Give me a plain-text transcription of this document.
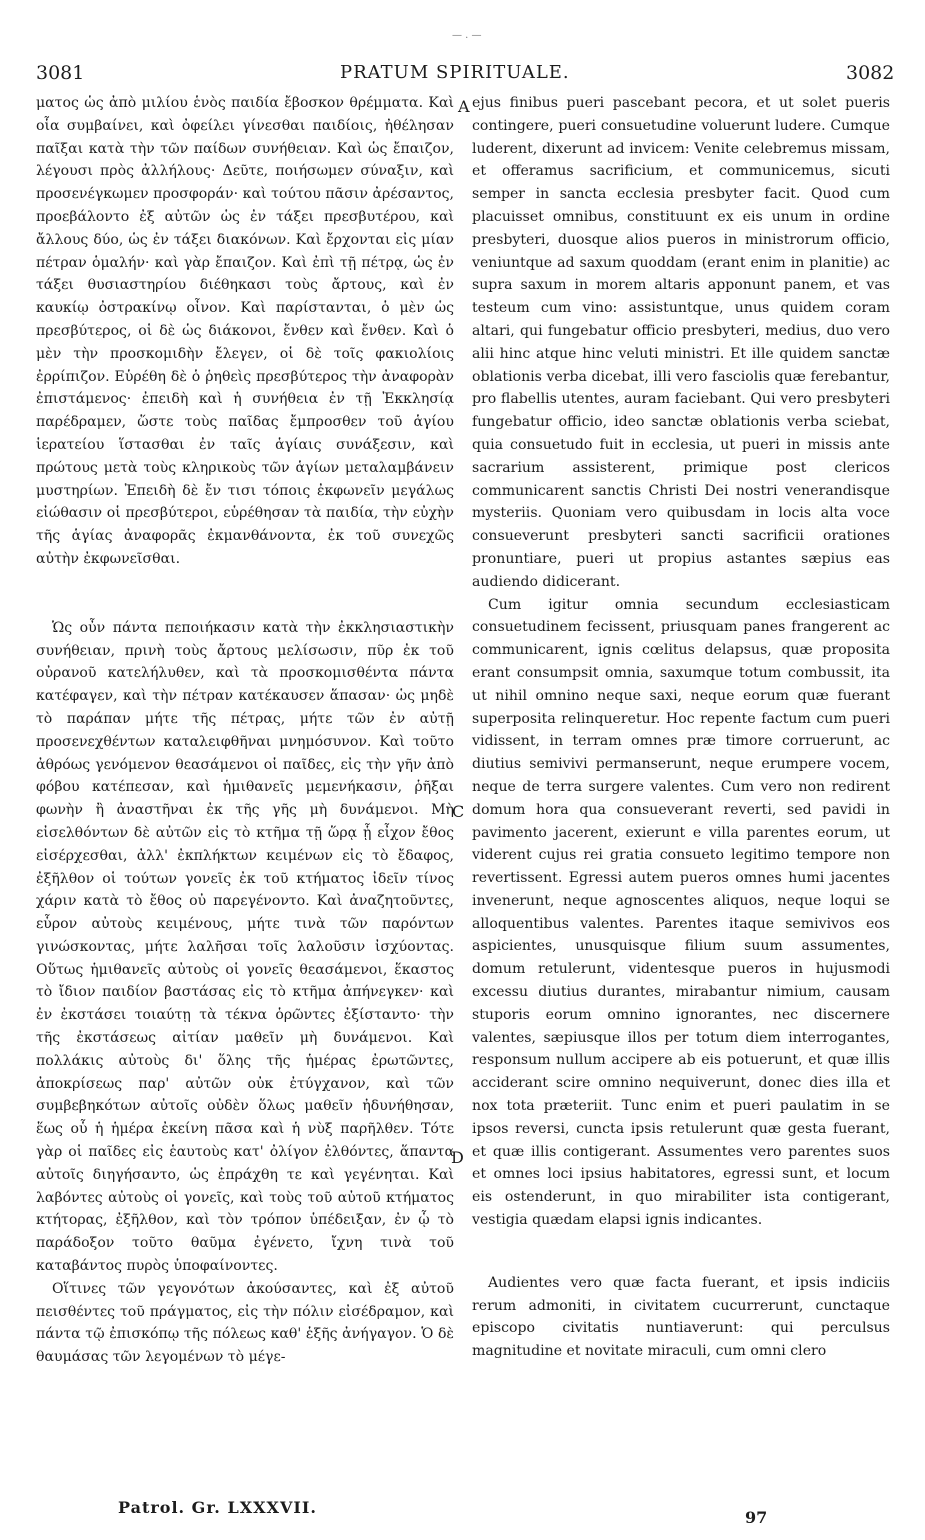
— . —
3081	PRATUM SPIRITUALE.	3082

ματος ὡς ἀπὸ μιλίου ἑνὸς παιδία ἔβοσκον θρέμματα. Καὶ οἷα συμβαίνει, καὶ ὀφείλει γίνεσθαι παιδίοις, ἠθέλησαν παῖξαι κατὰ τὴν τῶν παίδων συνήθειαν. Καὶ ὡς ἔπαιζον, λέγουσι πρὸς ἀλλήλους· Δεῦτε, ποιήσωμεν σύναξιν, καὶ προσενέγκωμεν προσφοράν· καὶ τούτου πᾶσιν ἀρέσαντος, προεβάλοντο ἐξ αὐτῶν ὡς ἐν τάξει πρεσβυτέρου, καὶ ἄλλους δύο, ὡς ἐν τάξει διακόνων. Καὶ ἔρχονται εἰς μίαν πέτραν ὁμαλήν· καὶ γὰρ ἔπαιζον. Καὶ ἐπὶ τῇ πέτρᾳ, ὡς ἐν τάξει θυσιαστηρίου διέθηκασι τοὺς ἄρτους, καὶ ἐν καυκίῳ ὀστρακίνῳ οἶνον. Καὶ παρίστανται, ὁ μὲν ὡς πρεσβύτερος, οἱ δὲ ὡς διάκονοι, ἔνθεν καὶ ἔνθεν. Καὶ ὁ μὲν τὴν προσκομιδὴν ἔλεγεν, οἱ δὲ τοῖς φακιολίοις ἐρρίπιζον. Εὑρέθη δὲ ὁ ῥηθεὶς πρεσβύτερος τὴν ἀναφορὰν ἐπιστάμενος· ἐπειδὴ καὶ ἡ συνήθεια ἐν τῇ Ἐκκλησίᾳ παρέδραμεν, ὥστε τοὺς παῖδας ἔμπροσθεν τοῦ ἁγίου ἱερατείου ἵστασθαι ἐν ταῖς ἁγίαις συνάξεσιν, καὶ πρώτους μετὰ τοὺς κληρικοὺς τῶν ἁγίων μεταλαμβάνειν μυστηρίων. Ἐπειδὴ δὲ ἔν τισι τόποις ἐκφωνεῖν μεγάλως εἰώθασιν οἱ πρεσβύτεροι, εὑρέθησαν τὰ παιδία, τὴν εὐχὴν τῆς ἁγίας ἀναφορᾶς ἐκμανθάνοντα, ἐκ τοῦ συνεχῶς αὐτὴν ἐκφωνεῖσθαι.

Ὡς οὖν πάντα πεποιήκασιν κατὰ τὴν ἐκκλησιαστικὴν συνήθειαν, πρινὴ τοὺς ἄρτους μελίσωσιν, πῦρ ἐκ τοῦ οὐρανοῦ κατελήλυθεν, καὶ τὰ προσκομισθέντα πάντα κατέφαγεν, καὶ τὴν πέτραν κατέκαυσεν ἅπασαν· ὡς μηδὲ τὸ παράπαν μήτε τῆς πέτρας, μήτε τῶν ἐν αὐτῇ προσενεχθέντων καταλειφθῆναι μνημόσυνον. Καὶ τοῦτο ἀθρόως γενόμενον θεασάμενοι οἱ παῖδες, εἰς τὴν γῆν ἀπὸ φόβου κατέπεσαν, καὶ ἡμιθανεῖς μεμενήκασιν, ῥῆξαι φωνὴν ἢ ἀναστῆναι ἐκ τῆς γῆς μὴ δυνάμενοι. Μὴ εἰσελθόντων δὲ αὐτῶν εἰς τὸ κτῆμα τῇ ὥρᾳ ᾗ εἶχον ἔθος εἰσέρχεσθαι, ἀλλ' ἐκπλήκτων κειμένων εἰς τὸ ἔδαφος, ἐξῆλθον οἱ τούτων γονεῖς ἐκ τοῦ κτήματος ἰδεῖν τίνος χάριν κατὰ τὸ ἔθος οὐ παρεγένοντο. Καὶ ἀναζητοῦντες, εὗρον αὐτοὺς κειμένους, μήτε τινὰ τῶν παρόντων γινώσκοντας, μήτε λαλῆσαι τοῖς λαλοῦσιν ἰσχύοντας. Οὕτως ἡμιθανεῖς αὐτοὺς οἱ γονεῖς θεασάμενοι, ἕκαστος τὸ ἴδιον παιδίον βαστάσας εἰς τὸ κτῆμα ἀπήνεγκεν· καὶ ἐν ἐκστάσει τοιαύτῃ τὰ τέκνα ὁρῶντες ἐξίσταντο· τὴν τῆς ἐκστάσεως αἰτίαν μαθεῖν μὴ δυνάμενοι. Καὶ πολλάκις αὐτοὺς δι' ὅλης τῆς ἡμέρας ἐρωτῶντες, ἀποκρίσεως παρ' αὐτῶν οὐκ ἐτύγχανον, καὶ τῶν συμβεβηκότων αὐτοῖς οὐδὲν ὅλως μαθεῖν ἠδυνήθησαν, ἕως οὗ ἡ ἡμέρα ἐκείνη πᾶσα καὶ ἡ νὺξ παρῆλθεν. Τότε γὰρ οἱ παῖδες εἰς ἑαυτοὺς κατ' ὀλίγον ἐλθόντες, ἅπαντα αὐτοῖς διηγήσαντο, ὡς ἐπράχθη τε καὶ γεγένηται. Καὶ λαβόντες αὐτοὺς οἱ γονεῖς, καὶ τοὺς τοῦ αὐτοῦ κτήματος κτήτορας, ἐξῆλθον, καὶ τὸν τρόπον ὑπέδειξαν, ἐν ᾧ τὸ παράδοξον τοῦτο θαῦμα ἐγένετο, ἴχνη τινὰ τοῦ καταβάντος πυρὸς ὑποφαίνοντες.

Οἵτινες τῶν γεγονότων ἀκούσαντες, καὶ ἐξ αὐτοῦ πεισθέντες τοῦ πράγματος, εἰς τὴν πόλιν εἰσέδραμον, καὶ πάντα τῷ ἐπισκόπῳ τῆς πόλεως καθ' ἑξῆς ἀνήγαγον. Ὁ δὲ θαυμάσας τῶν λεγομένων τὸ μέγε-

A
C
D

ejus finibus pueri pascebant pecora, et ut solet pueris contingere, pueri consuetudine voluerunt ludere. Cumque luderent, dixerunt ad invicem: Venite celebremus missam, et offeramus sacrificium, et communicemus, sicuti semper in sancta ecclesia presbyter facit. Quod cum placuisset omnibus, constituunt ex eis unum in ordine presbyteri, duosque alios pueros in ministrorum officio, veniuntque ad saxum quoddam (erant enim in planitie) ac supra saxum in morem altaris apponunt panem, et vas testeum cum vino: assistuntque, unus quidem coram altari, qui fungebatur officio presbyteri, medius, duo vero alii hinc atque hinc veluti ministri. Et ille quidem sanctæ oblationis verba dicebat, illi vero fasciolis quæ ferebantur, pro flabellis utentes, auram faciebant. Qui vero presbyteri fungebatur officio, ideo sanctæ oblationis verba sciebat, quia consuetudo fuit in ecclesia, ut pueri in missis ante sacrarium assisterent, primique post clericos communicarent sanctis Christi Dei nostri venerandisque mysteriis. Quoniam vero quibusdam in locis alta voce consueverunt presbyteri sancti sacrificii orationes pronuntiare, pueri ut propius astantes sæpius eas audiendo didicerant.

Cum igitur omnia secundum ecclesiasticam consuetudinem fecissent, priusquam panes frangerent ac communicarent, ignis cœlitus delapsus, quæ proposita erant consumpsit omnia, saxumque totum combussit, ita ut nihil omnino neque saxi, neque eorum quæ fuerant superposita relinqueretur. Hoc repente factum cum pueri vidissent, in terram omnes præ timore corruerunt, ac diutius semivivi permanserunt, neque erumpere vocem, neque de terra surgere valentes. Cum vero non redirent domum hora qua consueverant reverti, sed pavidi in pavimento jacerent, exierunt e villa parentes eorum, ut viderent cujus rei gratia consueto legitimo tempore non revertissent. Egressi autem pueros omnes humi jacentes invenerunt, neque agnoscentes aliquos, neque loqui se alloquentibus valentes. Parentes itaque semivivos eos aspicientes, unusquisque filium suum assumentes, domum retulerunt, videntesque pueros in hujusmodi excessu diutius durantes, mirabantur nimium, causam stuporis eorum omnino ignorantes, nec discernere valentes, sæpiusque illos per totum diem interrogantes, responsum nullum accipere ab eis potuerunt, et quæ illis acciderant scire omnino nequiverunt, donec dies illa et nox tota præteriit. Tunc enim et pueri paulatim in se ipsos reversi, cuncta ipsis retulerunt quæ gesta fuerant, et quæ illis contigerant. Assumentes vero parentes suos et omnes loci ipsius habitatores, egressi sunt, et locum eis ostenderunt, in quo mirabiliter ista contigerant, vestigia quædam elapsi ignis indicantes.

Audientes vero quæ facta fuerant, et ipsis indiciis rerum admoniti, in civitatem cucurrerunt, cunctaque episcopo civitatis nuntiaverunt: qui perculsus magnitudine et novitate miraculi, cum omni clero

Patrol. Gr. LXXXVII.
97
